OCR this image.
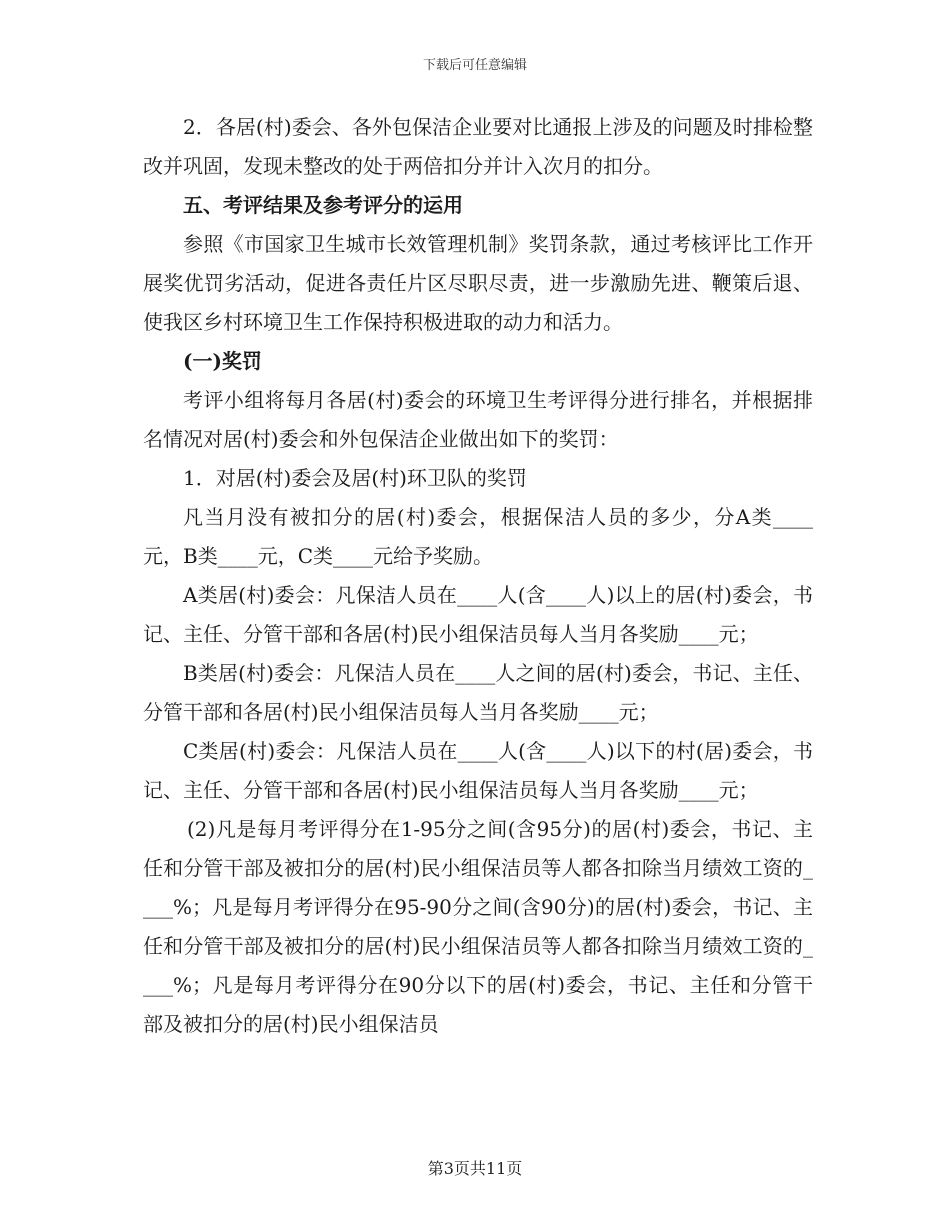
下载后可任意编辑

2．各居(村)委会、各外包保洁企业要对比通报上涉及的问题及时排检整改并巩固，发现未整改的处于两倍扣分并计入次月的扣分。

五、考评结果及参考评分的运用

参照《市国家卫生城市长效管理机制》奖罚条款，通过考核评比工作开展奖优罚劣活动，促进各责任片区尽职尽责，进一步激励先进、鞭策后退、使我区乡村环境卫生工作保持积极进取的动力和活力。

(一)奖罚

考评小组将每月各居(村)委会的环境卫生考评得分进行排名，并根据排名情况对居(村)委会和外包保洁企业做出如下的奖罚：

1．对居(村)委会及居(村)环卫队的奖罚

凡当月没有被扣分的居(村)委会，根据保洁人员的多少，分A类____元，B类____元，C类____元给予奖励。

A类居(村)委会：凡保洁人员在____人(含____人)以上的居(村)委会，书记、主任、分管干部和各居(村)民小组保洁员每人当月各奖励____元；

B类居(村)委会：凡保洁人员在____人之间的居(村)委会，书记、主任、分管干部和各居(村)民小组保洁员每人当月各奖励____元；

C类居(村)委会：凡保洁人员在____人(含____人)以下的村(居)委会，书记、主任、分管干部和各居(村)民小组保洁员每人当月各奖励____元；

(2)凡是每月考评得分在1-95分之间(含95分)的居(村)委会，书记、主任和分管干部及被扣分的居(村)民小组保洁员等人都各扣除当月绩效工资的____%；凡是每月考评得分在95-90分之间(含90分)的居(村)委会，书记、主任和分管干部及被扣分的居(村)民小组保洁员等人都各扣除当月绩效工资的____%；凡是每月考评得分在90分以下的居(村)委会，书记、主任和分管干部及被扣分的居(村)民小组保洁员

第3页共11页
